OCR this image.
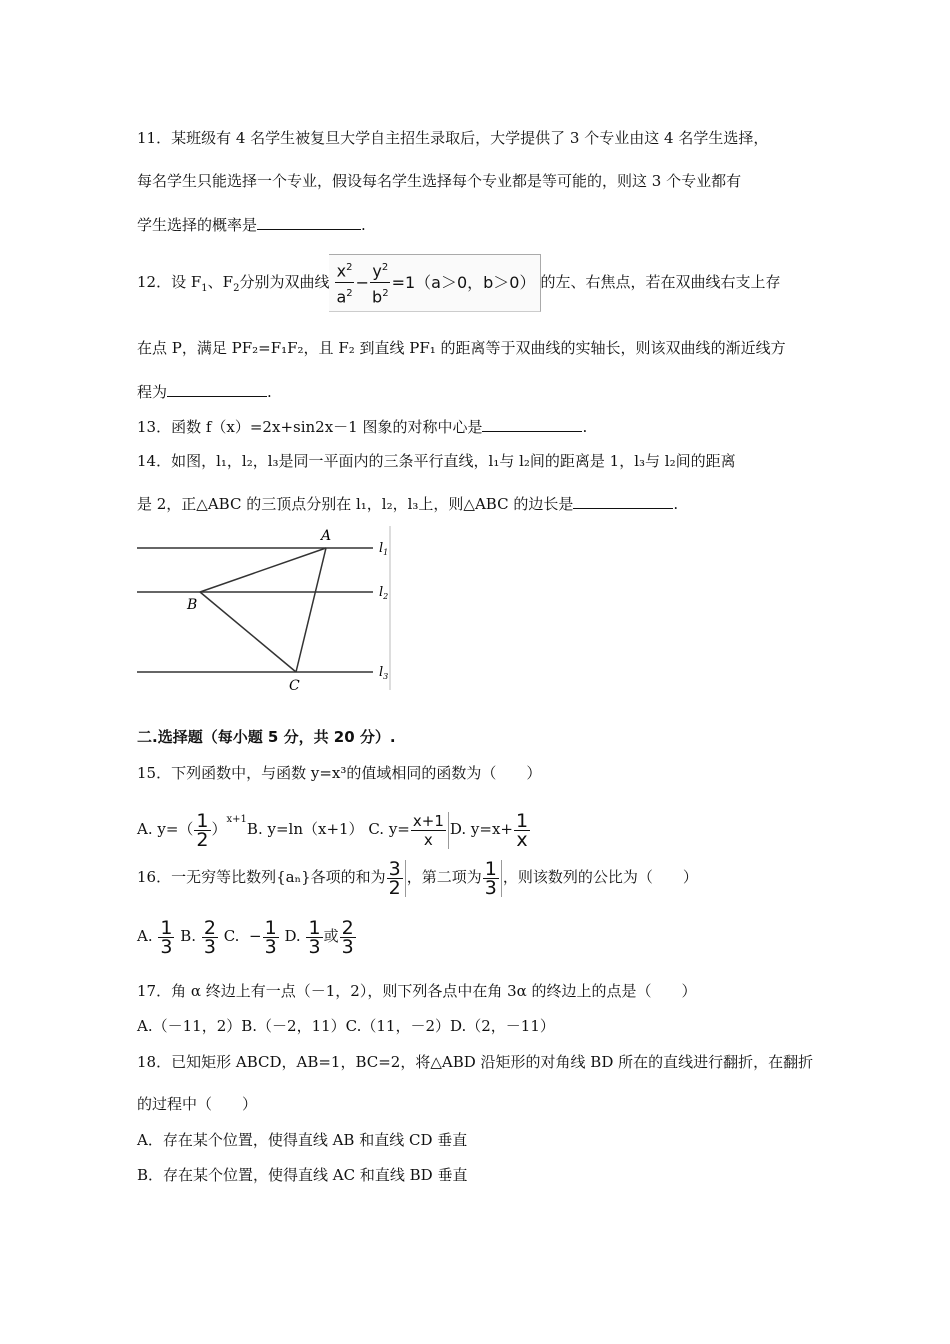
11．某班级有 4 名学生被复旦大学自主招生录取后，大学提供了 3 个专业由这 4 名学生选择，
每名学生只能选择一个专业，假设每名学生选择每个专业都是等可能的，则这 3 个专业都有
学生选择的概率是	.
12．设 $F_1$、$F_2$分别为双曲线 $\frac{x^2}{a^2} - \frac{y^2}{b^2} =1(a>0$，b＞0） 的左、右焦点，若在双曲线右支上存
在点 P，满足 PF₂=F₁F₂，且 F₂ 到直线 PF₁ 的距离等于双曲线的实轴长，则该双曲线的渐近线方
程为	.
13．函数 f（x）=2x+sin2x－1 图象的对称中心是	.
14．如图，l₁，l₂，l₃是同一平面内的三条平行直线，l₁与 l₂间的距离是 1，l₃与 l₂间的距离
是 2，正△ABC 的三顶点分别在 l₁，l₂，l₃上，则△ABC 的边长是	.
A
B
C
$l_1$
$l_2$
$l_3$
二.选择题（每小题 5 分，共 20 分）.
15．下列函数中，与函数 y=x³的值域相同的函数为（　　）
A. $y=( \frac{1}{2} )^{x+1}B$. y=ln（x+1） C. $y= \frac{x+1}{x} D$. $y=x+ \frac{1}{x}$
16．一无穷等比数列{aₙ}各项的和为 $\frac{3}{2}$ ，第二项为 $\frac{1}{3}$ ，则该数列的公比为（　　）
A. $\frac{1}{3} B$. $\frac{2}{3} C$. − $\frac{1}{3} D$. $\frac{1}{3}$ 或 $\frac{2}{3}$
17．角 α 终边上有一点（－1，2），则下列各点中在角 3α 的终边上的点是（　　）
A.（－11，2）B.（－2，11）C.（11，－2）D.（2，－11）
18．已知矩形 ABCD，AB=1，BC=2，将△ABD 沿矩形的对角线 BD 所在的直线进行翻折，在翻折
的过程中（　　）
A．存在某个位置，使得直线 AB 和直线 CD 垂直
B．存在某个位置，使得直线 AC 和直线 BD 垂直
